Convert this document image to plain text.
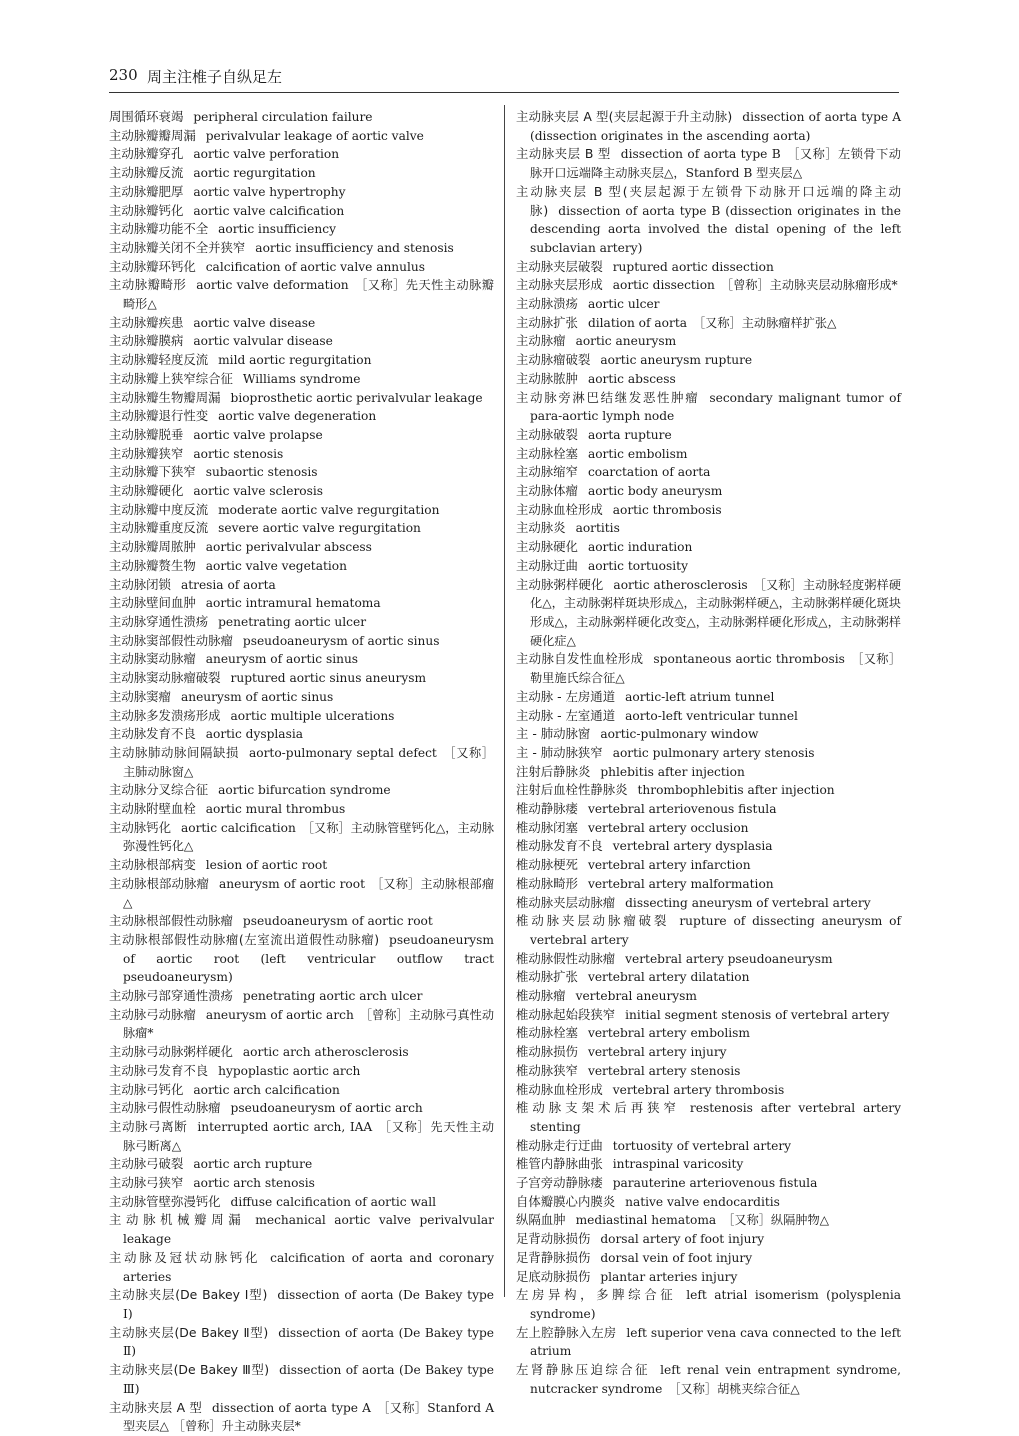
230 周主注椎子自纵足左
周围循环衰竭 peripheral circulation failure
主动脉瓣瓣周漏 perivalvular leakage of aortic valve
主动脉瓣穿孔 aortic valve perforation
主动脉瓣反流 aortic regurgitation
主动脉瓣肥厚 aortic valve hypertrophy
主动脉瓣钙化 aortic valve calcification
主动脉瓣功能不全 aortic insufficiency
主动脉瓣关闭不全并狭窄 aortic insufficiency and stenosis
主动脉瓣环钙化 calcification of aortic valve annulus
主动脉瓣畸形 aortic valve deformation ［又称］先天性主动脉瓣畸形△
主动脉瓣疾患 aortic valve disease
主动脉瓣膜病 aortic valvular disease
主动脉瓣轻度反流 mild aortic regurgitation
主动脉瓣上狭窄综合征 Williams syndrome
主动脉瓣生物瓣周漏 bioprosthetic aortic perivalvular leakage
主动脉瓣退行性变 aortic valve degeneration
主动脉瓣脱垂 aortic valve prolapse
主动脉瓣狭窄 aortic stenosis
主动脉瓣下狭窄 subaortic stenosis
主动脉瓣硬化 aortic valve sclerosis
主动脉瓣中度反流 moderate aortic valve regurgitation
主动脉瓣重度反流 severe aortic valve regurgitation
主动脉瓣周脓肿 aortic perivalvular abscess
主动脉瓣赘生物 aortic valve vegetation
主动脉闭锁 atresia of aorta
主动脉壁间血肿 aortic intramural hematoma
主动脉穿通性溃疡 penetrating aortic ulcer
主动脉窦部假性动脉瘤 pseudoaneurysm of aortic sinus
主动脉窦动脉瘤 aneurysm of aortic sinus
主动脉窦动脉瘤破裂 ruptured aortic sinus aneurysm
主动脉窦瘤 aneurysm of aortic sinus
主动脉多发溃疡形成 aortic multiple ulcerations
主动脉发育不良 aortic dysplasia
主动脉肺动脉间隔缺损 aorto-pulmonary septal defect ［又称］主肺动脉窗△
主动脉分叉综合征 aortic bifurcation syndrome
主动脉附壁血栓 aortic mural thrombus
主动脉钙化 aortic calcification ［又称］主动脉管壁钙化△，主动脉弥漫性钙化△
主动脉根部病变 lesion of aortic root
主动脉根部动脉瘤 aneurysm of aortic root ［又称］主动脉根部瘤△
主动脉根部假性动脉瘤 pseudoaneurysm of aortic root
主动脉根部假性动脉瘤(左室流出道假性动脉瘤) pseudoaneurysm of aortic root (left ventricular outflow tract pseudoaneurysm)
主动脉弓部穿通性溃疡 penetrating aortic arch ulcer
主动脉弓动脉瘤 aneurysm of aortic arch ［曾称］主动脉弓真性动脉瘤*
主动脉弓动脉粥样硬化 aortic arch atherosclerosis
主动脉弓发育不良 hypoplastic aortic arch
主动脉弓钙化 aortic arch calcification
主动脉弓假性动脉瘤 pseudoaneurysm of aortic arch
主动脉弓离断 interrupted aortic arch, IAA ［又称］先天性主动脉弓断离△
主动脉弓破裂 aortic arch rupture
主动脉弓狭窄 aortic arch stenosis
主动脉管壁弥漫钙化 diffuse calcification of aortic wall
主动脉机械瓣周漏 mechanical aortic valve perivalvular leakage
主动脉及冠状动脉钙化 calcification of aorta and coronary arteries
主动脉夹层(De Bakey Ⅰ型) dissection of aorta (De Bakey type Ⅰ)
主动脉夹层(De Bakey Ⅱ型) dissection of aorta (De Bakey type Ⅱ)
主动脉夹层(De Bakey Ⅲ型) dissection of aorta (De Bakey type Ⅲ)
主动脉夹层 A 型 dissection of aorta type A ［又称］Stanford A 型夹层△ ［曾称］升主动脉夹层*
主动脉夹层 A 型(夹层起源于升主动脉) dissection of aorta type A (dissection originates in the ascending aorta)
主动脉夹层 B 型 dissection of aorta type B ［又称］左锁骨下动脉开口远端降主动脉夹层△，Stanford B 型夹层△
主动脉夹层 B 型(夹层起源于左锁骨下动脉开口远端的降主动脉) dissection of aorta type B (dissection originates in the descending aorta involved the distal opening of the left subclavian artery)
主动脉夹层破裂 ruptured aortic dissection
主动脉夹层形成 aortic dissection ［曾称］主动脉夹层动脉瘤形成*
主动脉溃疡 aortic ulcer
主动脉扩张 dilation of aorta ［又称］主动脉瘤样扩张△
主动脉瘤 aortic aneurysm
主动脉瘤破裂 aortic aneurysm rupture
主动脉脓肿 aortic abscess
主动脉旁淋巴结继发恶性肿瘤 secondary malignant tumor of para-aortic lymph node
主动脉破裂 aorta rupture
主动脉栓塞 aortic embolism
主动脉缩窄 coarctation of aorta
主动脉体瘤 aortic body aneurysm
主动脉血栓形成 aortic thrombosis
主动脉炎 aortitis
主动脉硬化 aortic induration
主动脉迂曲 aortic tortuosity
主动脉粥样硬化 aortic atherosclerosis ［又称］主动脉轻度粥样硬化△，主动脉粥样斑块形成△，主动脉粥样硬△，主动脉粥样硬化斑块形成△，主动脉粥样硬化改变△，主动脉粥样硬化形成△，主动脉粥样硬化症△
主动脉自发性血栓形成 spontaneous aortic thrombosis ［又称］勒里施氏综合征△
主动脉 - 左房通道 aortic-left atrium tunnel
主动脉 - 左室通道 aorto-left ventricular tunnel
主 - 肺动脉窗 aortic-pulmonary window
主 - 肺动脉狭窄 aortic pulmonary artery stenosis
注射后静脉炎 phlebitis after injection
注射后血栓性静脉炎 thrombophlebitis after injection
椎动静脉瘘 vertebral arteriovenous fistula
椎动脉闭塞 vertebral artery occlusion
椎动脉发育不良 vertebral artery dysplasia
椎动脉梗死 vertebral artery infarction
椎动脉畸形 vertebral artery malformation
椎动脉夹层动脉瘤 dissecting aneurysm of vertebral artery
椎动脉夹层动脉瘤破裂 rupture of dissecting aneurysm of vertebral artery
椎动脉假性动脉瘤 vertebral artery pseudoaneurysm
椎动脉扩张 vertebral artery dilatation
椎动脉瘤 vertebral aneurysm
椎动脉起始段狭窄 initial segment stenosis of vertebral artery
椎动脉栓塞 vertebral artery embolism
椎动脉损伤 vertebral artery injury
椎动脉狭窄 vertebral artery stenosis
椎动脉血栓形成 vertebral artery thrombosis
椎动脉支架术后再狭窄 restenosis after vertebral artery stenting
椎动脉走行迂曲 tortuosity of vertebral artery
椎管内静脉曲张 intraspinal varicosity
子宫旁动静脉瘘 parauterine arteriovenous fistula
自体瓣膜心内膜炎 native valve endocarditis
纵隔血肿 mediastinal hematoma ［又称］纵隔肿物△
足背动脉损伤 dorsal artery of foot injury
足背静脉损伤 dorsal vein of foot injury
足底动脉损伤 plantar arteries injury
左房异构，多脾综合征 left atrial isomerism (polysplenia syndrome)
左上腔静脉入左房 left superior vena cava connected to the left atrium
左肾静脉压迫综合征 left renal vein entrapment syndrome, nutcracker syndrome ［又称］胡桃夹综合征△
